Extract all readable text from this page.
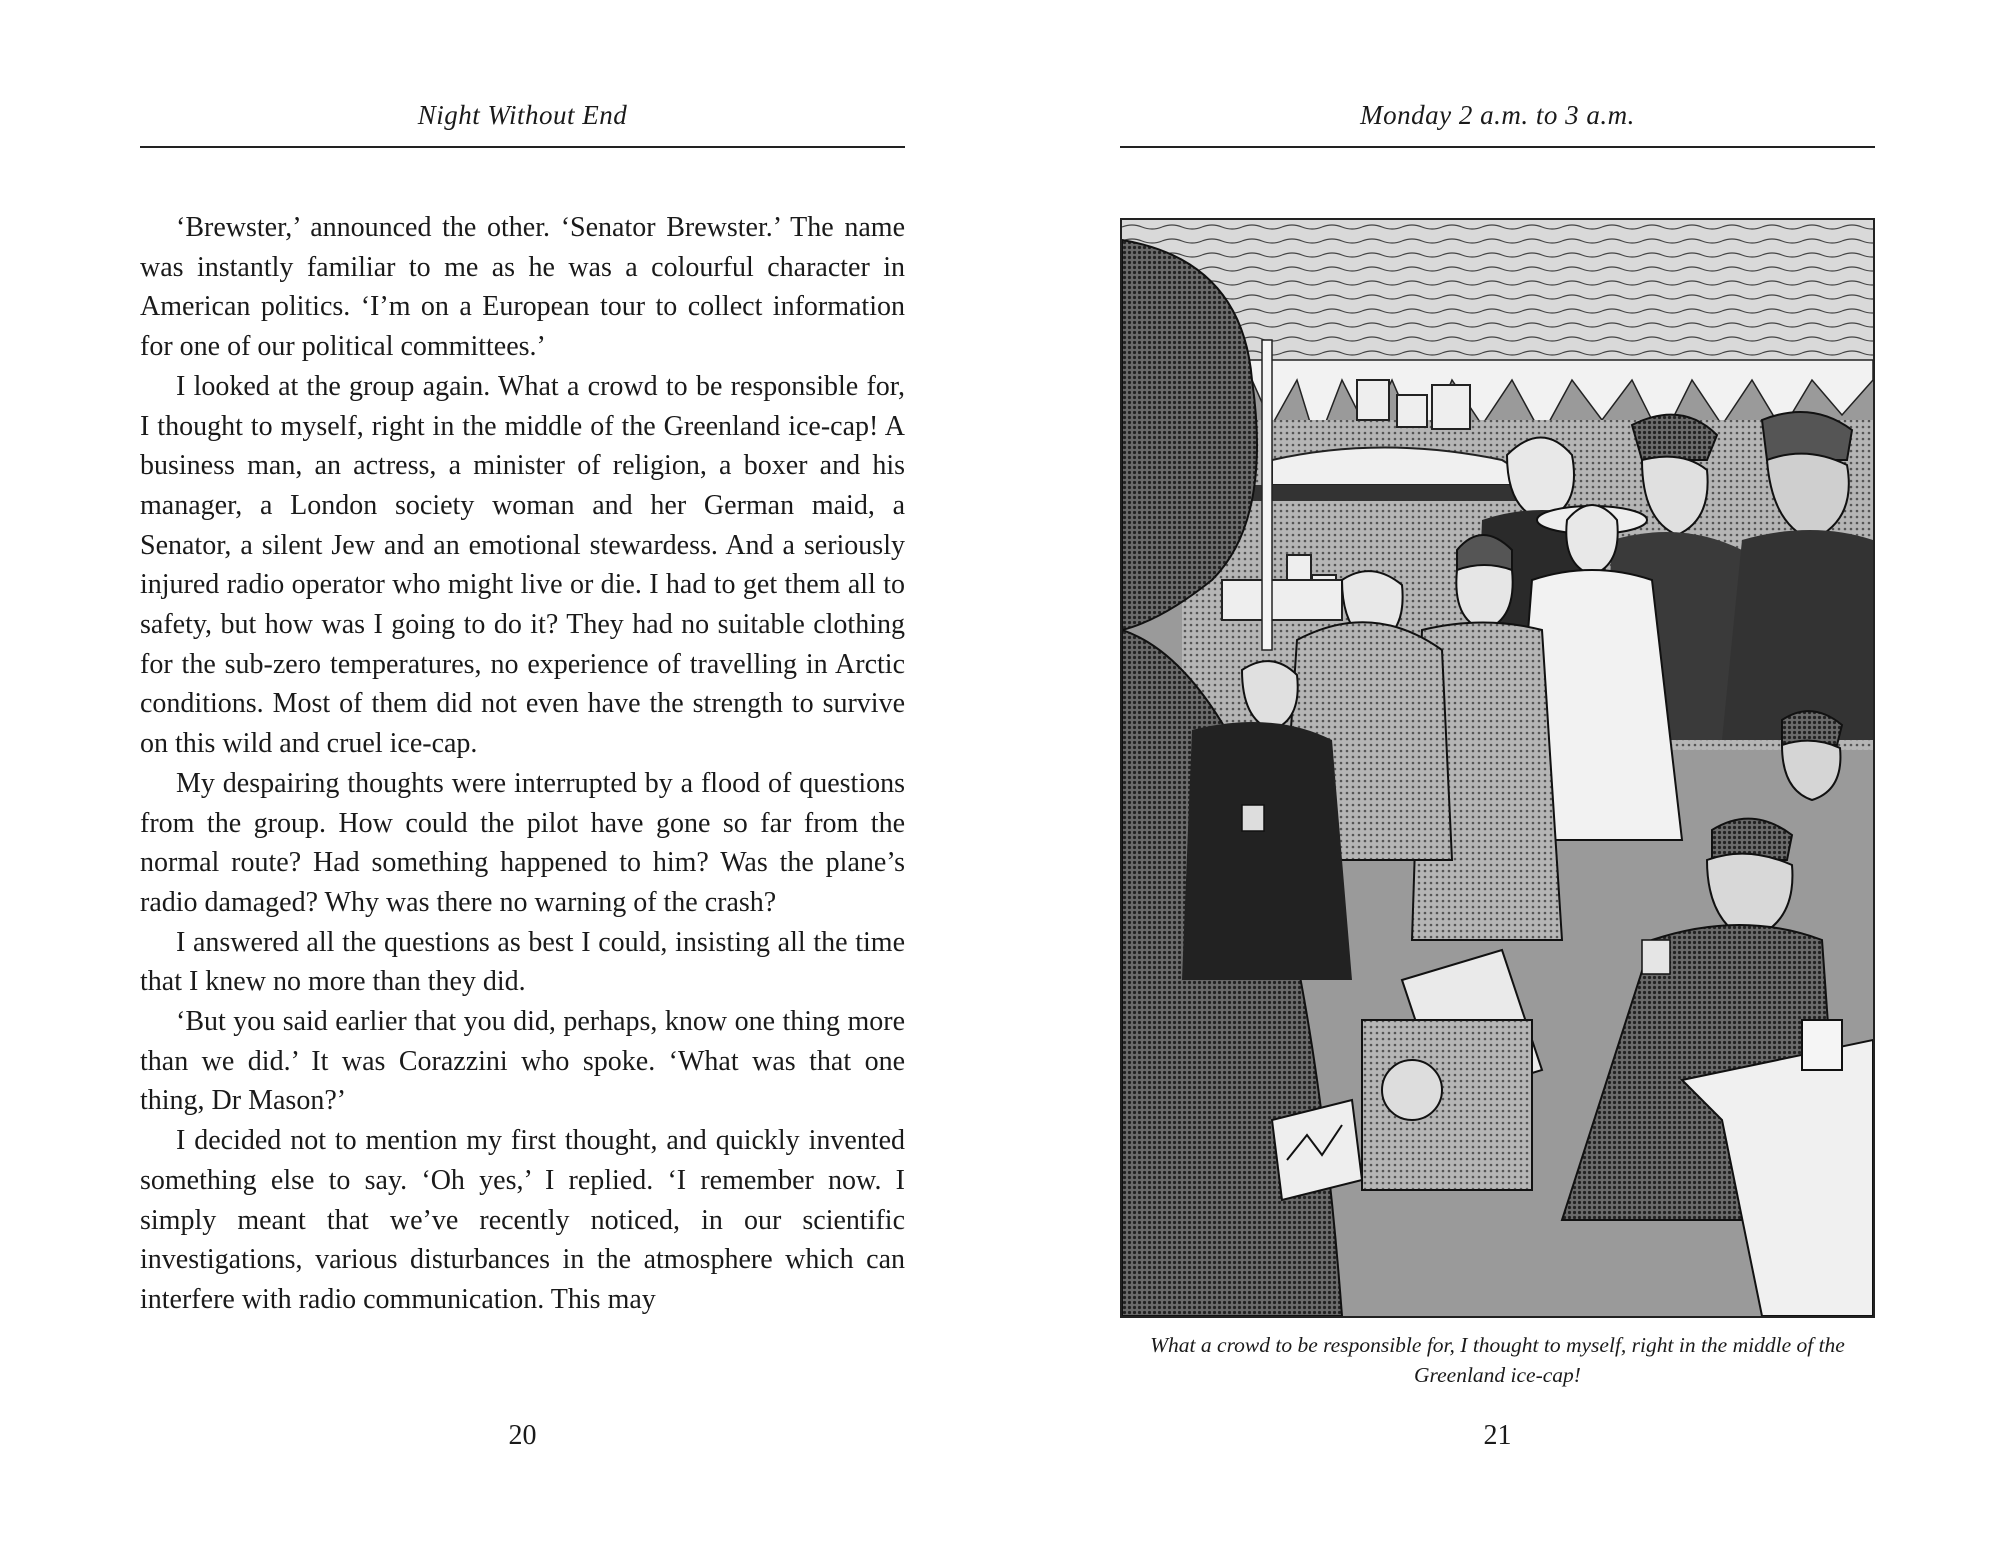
Night Without End

‘Brewster,’ announced the other. ‘Senator Brewster.’ The name was instantly familiar to me as he was a colourful character in American politics. ‘I’m on a European tour to collect information for one of our political committees.’

I looked at the group again. What a crowd to be responsible for, I thought to myself, right in the middle of the Greenland ice-cap! A business man, an actress, a minister of religion, a boxer and his manager, a London society woman and her German maid, a Senator, a silent Jew and an emotional stewardess. And a seriously injured radio operator who might live or die. I had to get them all to safety, but how was I going to do it? They had no suitable clothing for the sub-zero temperatures, no experience of travelling in Arctic conditions. Most of them did not even have the strength to survive on this wild and cruel ice-cap.

My despairing thoughts were interrupted by a flood of questions from the group. How could the pilot have gone so far from the normal route? Had something happened to him? Was the plane’s radio damaged? Why was there no warning of the crash?

I answered all the questions as best I could, insisting all the time that I knew no more than they did.

‘But you said earlier that you did, perhaps, know one thing more than we did.’ It was Corazzini who spoke. ‘What was that one thing, Dr Mason?’

I decided not to mention my first thought, and quickly invented something else to say. ‘Oh yes,’ I replied. ‘I remember now. I simply meant that we’ve recently noticed, in our scientific investigations, various disturbances in the atmosphere which can interfere with radio communication. This may

20
Monday 2 a.m. to 3 a.m.
What a crowd to be responsible for, I thought to myself, right in the middle of the Greenland ice-cap!
21
